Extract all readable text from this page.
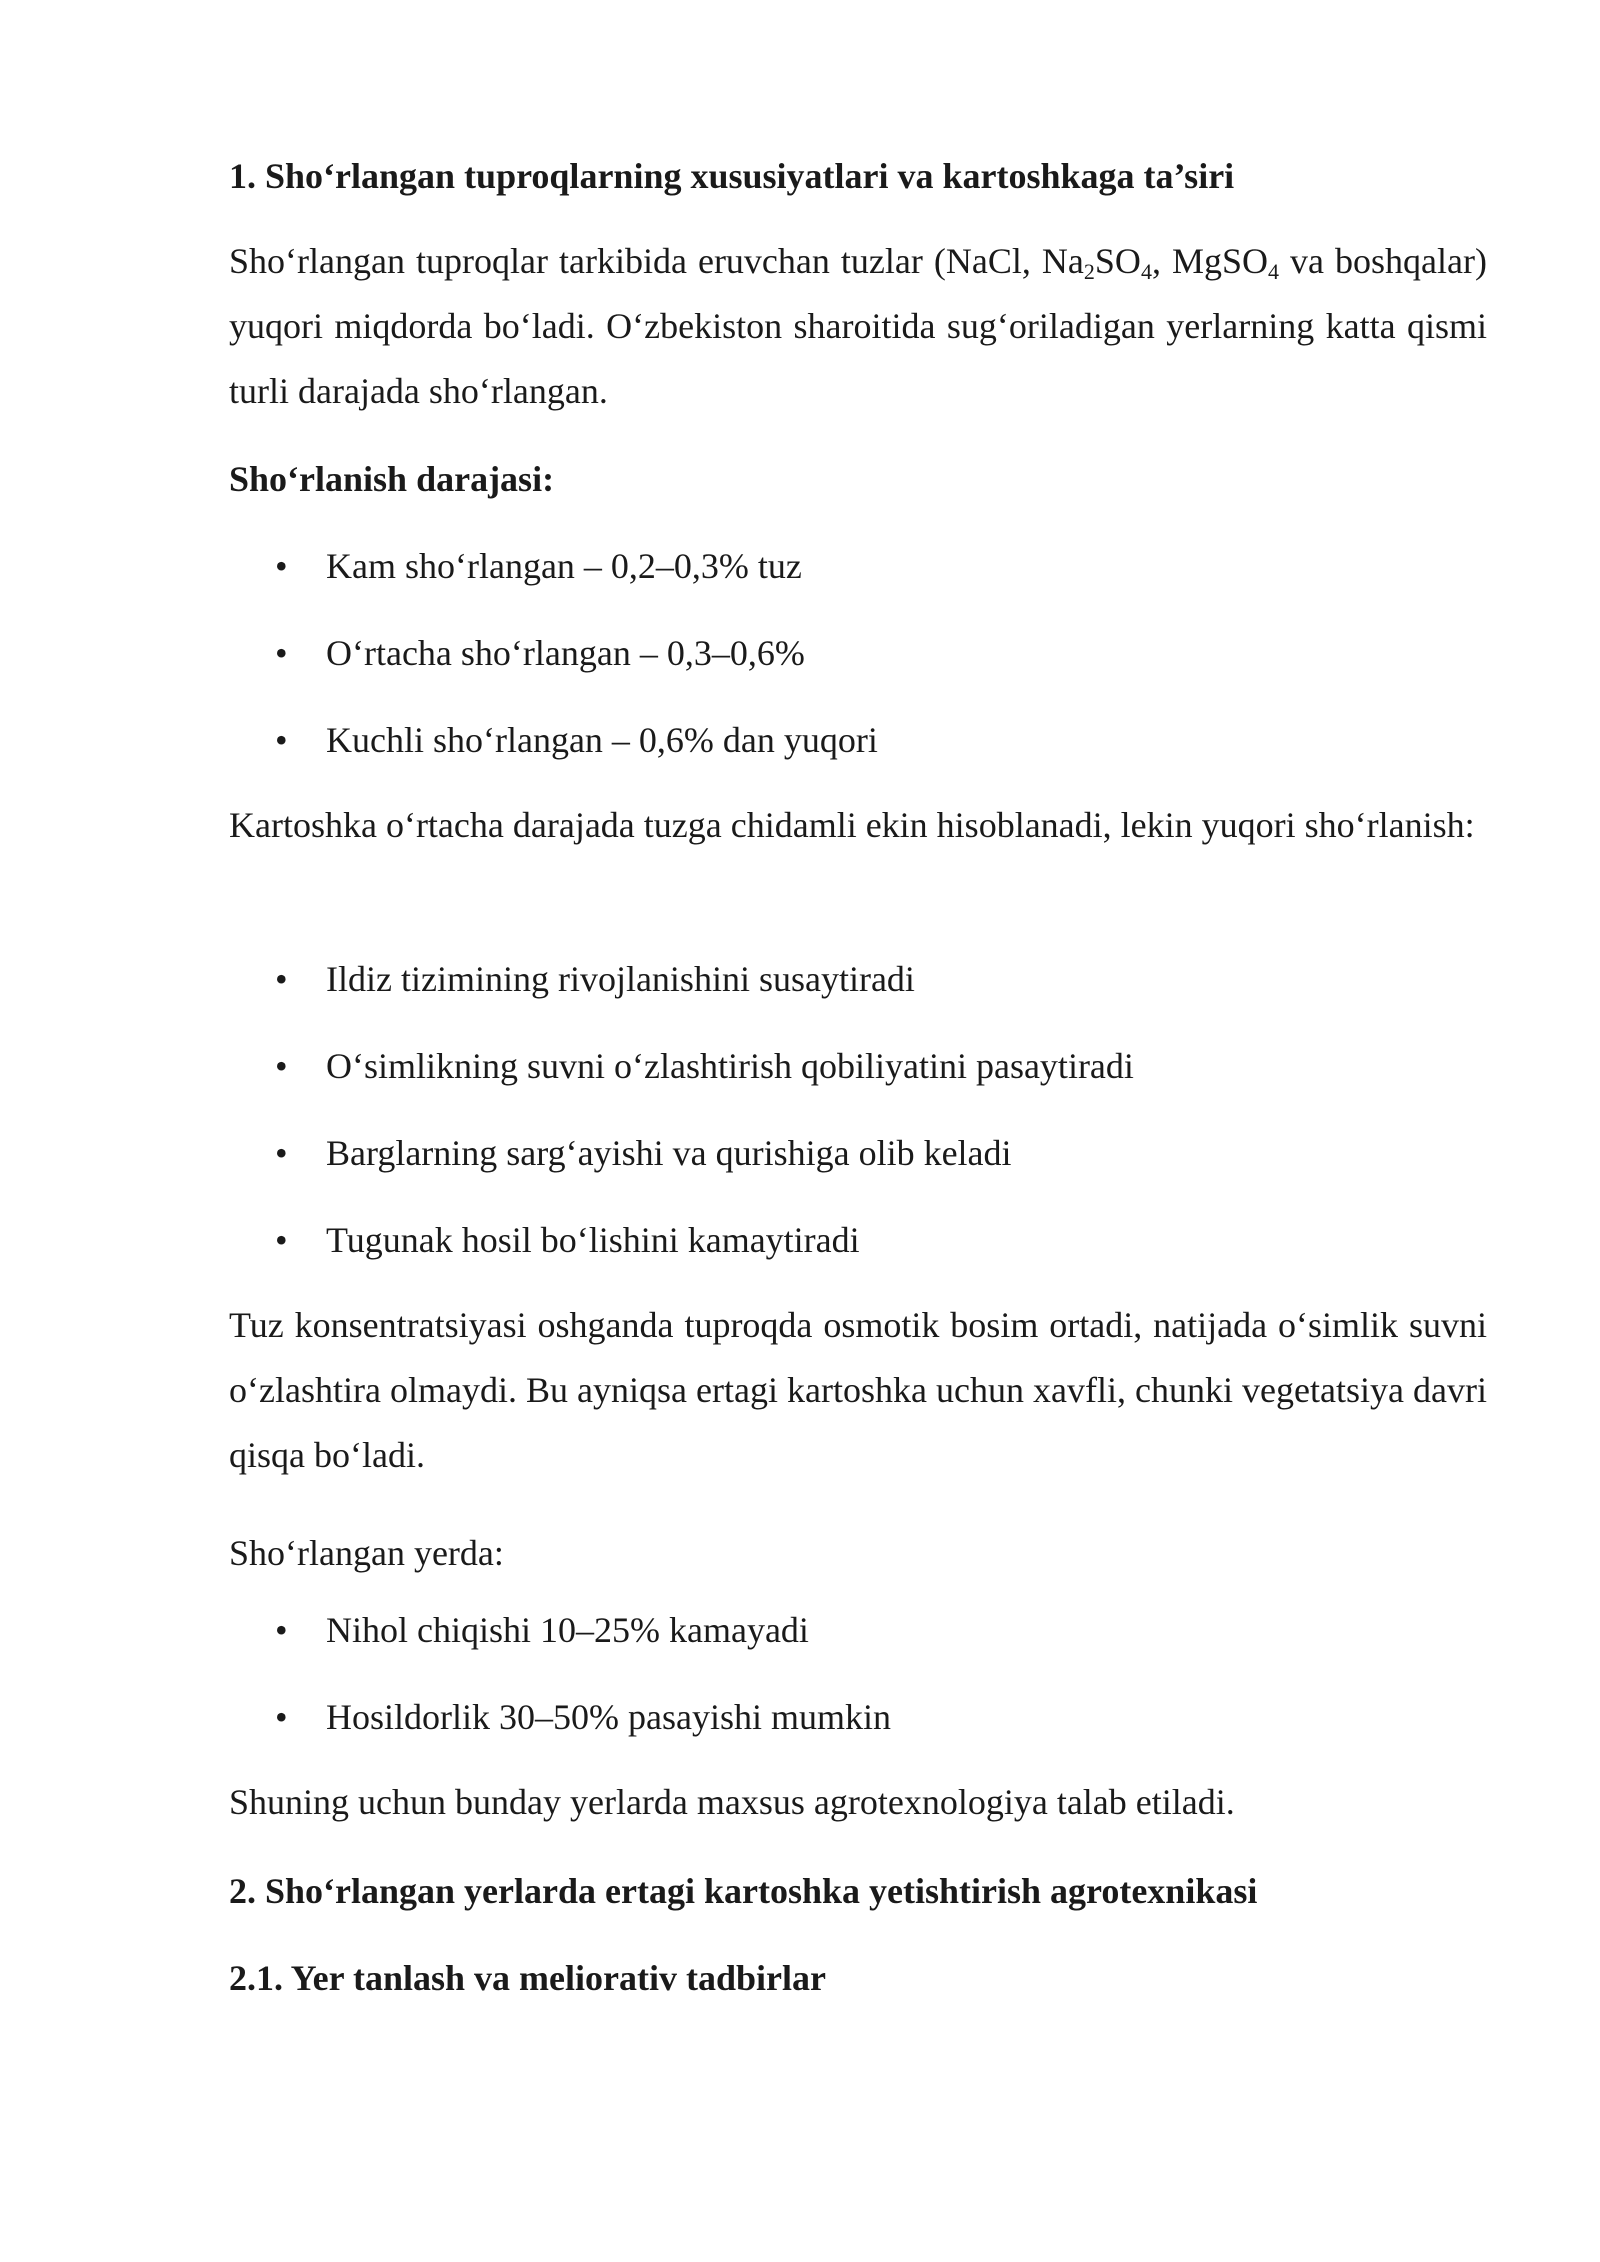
1. Sho‘rlangan tuproqlarning xususiyatlari va kartoshkaga ta’siri

Sho‘rlangan tuproqlar tarkibida eruvchan tuzlar (NaCl, $Na_2SO_4$, MgSO$_4$ va boshqalar) yuqori miqdorda bo‘ladi. O‘zbekiston sharoitida sug‘oriladigan yerlarning katta qismi turli darajada sho‘rlangan.

Sho‘rlanish darajasi:
• Kam sho‘rlangan – 0,2–0,3% tuz
• O‘rtacha sho‘rlangan – 0,3–0,6%
• Kuchli sho‘rlangan – 0,6% dan yuqori

Kartoshka o‘rtacha darajada tuzga chidamli ekin hisoblanadi, lekin yuqori sho‘rlanish:

• Ildiz tizimining rivojlanishini susaytiradi
• O‘simlikning suvni o‘zlashtirish qobiliyatini pasaytiradi
• Barglarning sarg‘ayishi va qurishiga olib keladi
• Tugunak hosil bo‘lishini kamaytiradi

Tuz konsentratsiyasi oshganda tuproqda osmotik bosim ortadi, natijada o‘simlik suvni o‘zlashtira olmaydi. Bu ayniqsa ertagi kartoshka uchun xavfli, chunki vegetatsiya davri qisqa bo‘ladi.

Sho‘rlangan yerda:

• Nihol chiqishi 10–25% kamayadi
• Hosildorlik 30–50% pasayishi mumkin

Shuning uchun bunday yerlarda maxsus agrotexnologiya talab etiladi.

2. Sho‘rlangan yerlarda ertagi kartoshka yetishtirish agrotexnikasi
2.1. Yer tanlash va meliorativ tadbirlar
